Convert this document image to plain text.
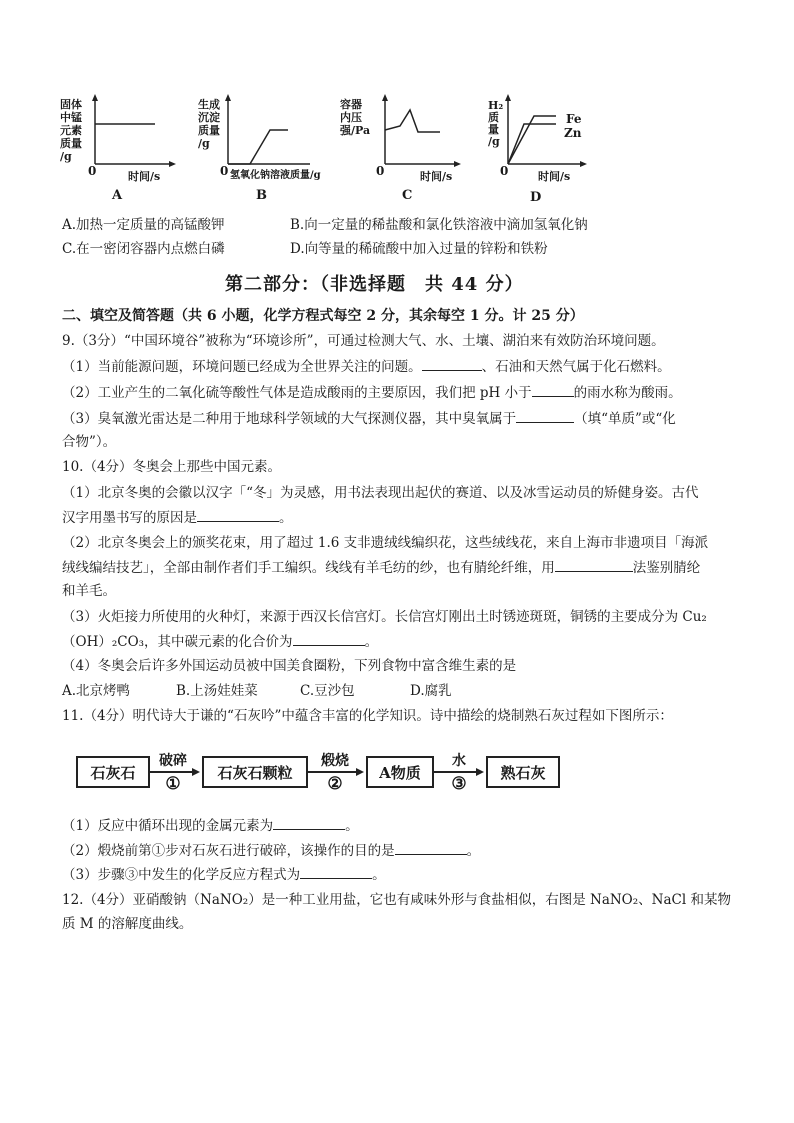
固体
中锰
元素
质量
/g
0	时间/s
A
生成
沉淀
质量
/g
0 氢氧化钠溶液质量/g
B
容器
内压
强/Pa
0	时间/s
C
H₂
质
量
/g
Fe
Zn
0	时间/s
D
A.加热一定质量的高锰酸钾	B.向一定量的稀盐酸和氯化铁溶液中滴加氢氧化钠
C.在一密闭容器内点燃白磷	D.向等量的稀硫酸中加入过量的锌粉和铁粉
第二部分：（非选择题　共 44 分）
二、填空及简答题（共 6 小题，化学方程式每空 2 分，其余每空 1 分。计 25 分）
9.（3分）“中国环境谷”被称为“环境诊所”，可通过检测大气、水、土壤、湖泊来有效防治环境问题。
（1）当前能源问题，环境问题已经成为全世界关注的问题。	、石油和天然气属于化石燃料。
（2）工业产生的二氧化硫等酸性气体是造成酸雨的主要原因，我们把 pH 小于	的雨水称为酸雨。
（3）臭氧激光雷达是二种用于地球科学领域的大气探测仪器，其中臭氧属于	（填“单质”或“化
合物”）。
10.（4分）冬奥会上那些中国元素。
（1）北京冬奥的会徽以汉字「“冬」为灵感，用书法表现出起伏的赛道、以及冰雪运动员的矫健身姿。古代
汉字用墨书写的原因是	。
（2）北京冬奥会上的颁奖花束，用了超过 1.6 支非遗绒线编织花，这些绒线花，来自上海市非遗项目「海派
绒线编结技艺」，全部由制作者们手工编织。线线有羊毛纺的纱，也有腈纶纤维，用	法鉴别腈纶
和羊毛。
（3）火炬接力所使用的火种灯，来源于西汉长信宫灯。长信宫灯刚出土时锈迹斑斑，铜锈的主要成分为 Cu₂
（OH）₂CO₃，其中碳元素的化合价为	。
（4）冬奥会后许多外国运动员被中国美食圈粉，下列食物中富含维生素的是
A.北京烤鸭	B.上汤娃娃菜	C.豆沙包	D.腐乳
11.（4分）明代诗大于谦的“石灰吟”中蕴含丰富的化学知识。诗中描绘的烧制熟石灰过程如下图所示：
石灰石	石灰石颗粒	A物质	熟石灰
破碎	煅烧	水
①	②	③
（1）反应中循环出现的金属元素为	。
（2）煅烧前第①步对石灰石进行破碎，该操作的目的是	。
（3）步骤③中发生的化学反应方程式为	。
12.（4分）亚硝酸钠（NaNO₂）是一种工业用盐，它也有咸味外形与食盐相似，右图是 NaNO₂、NaCl 和某物
质 M 的溶解度曲线。
